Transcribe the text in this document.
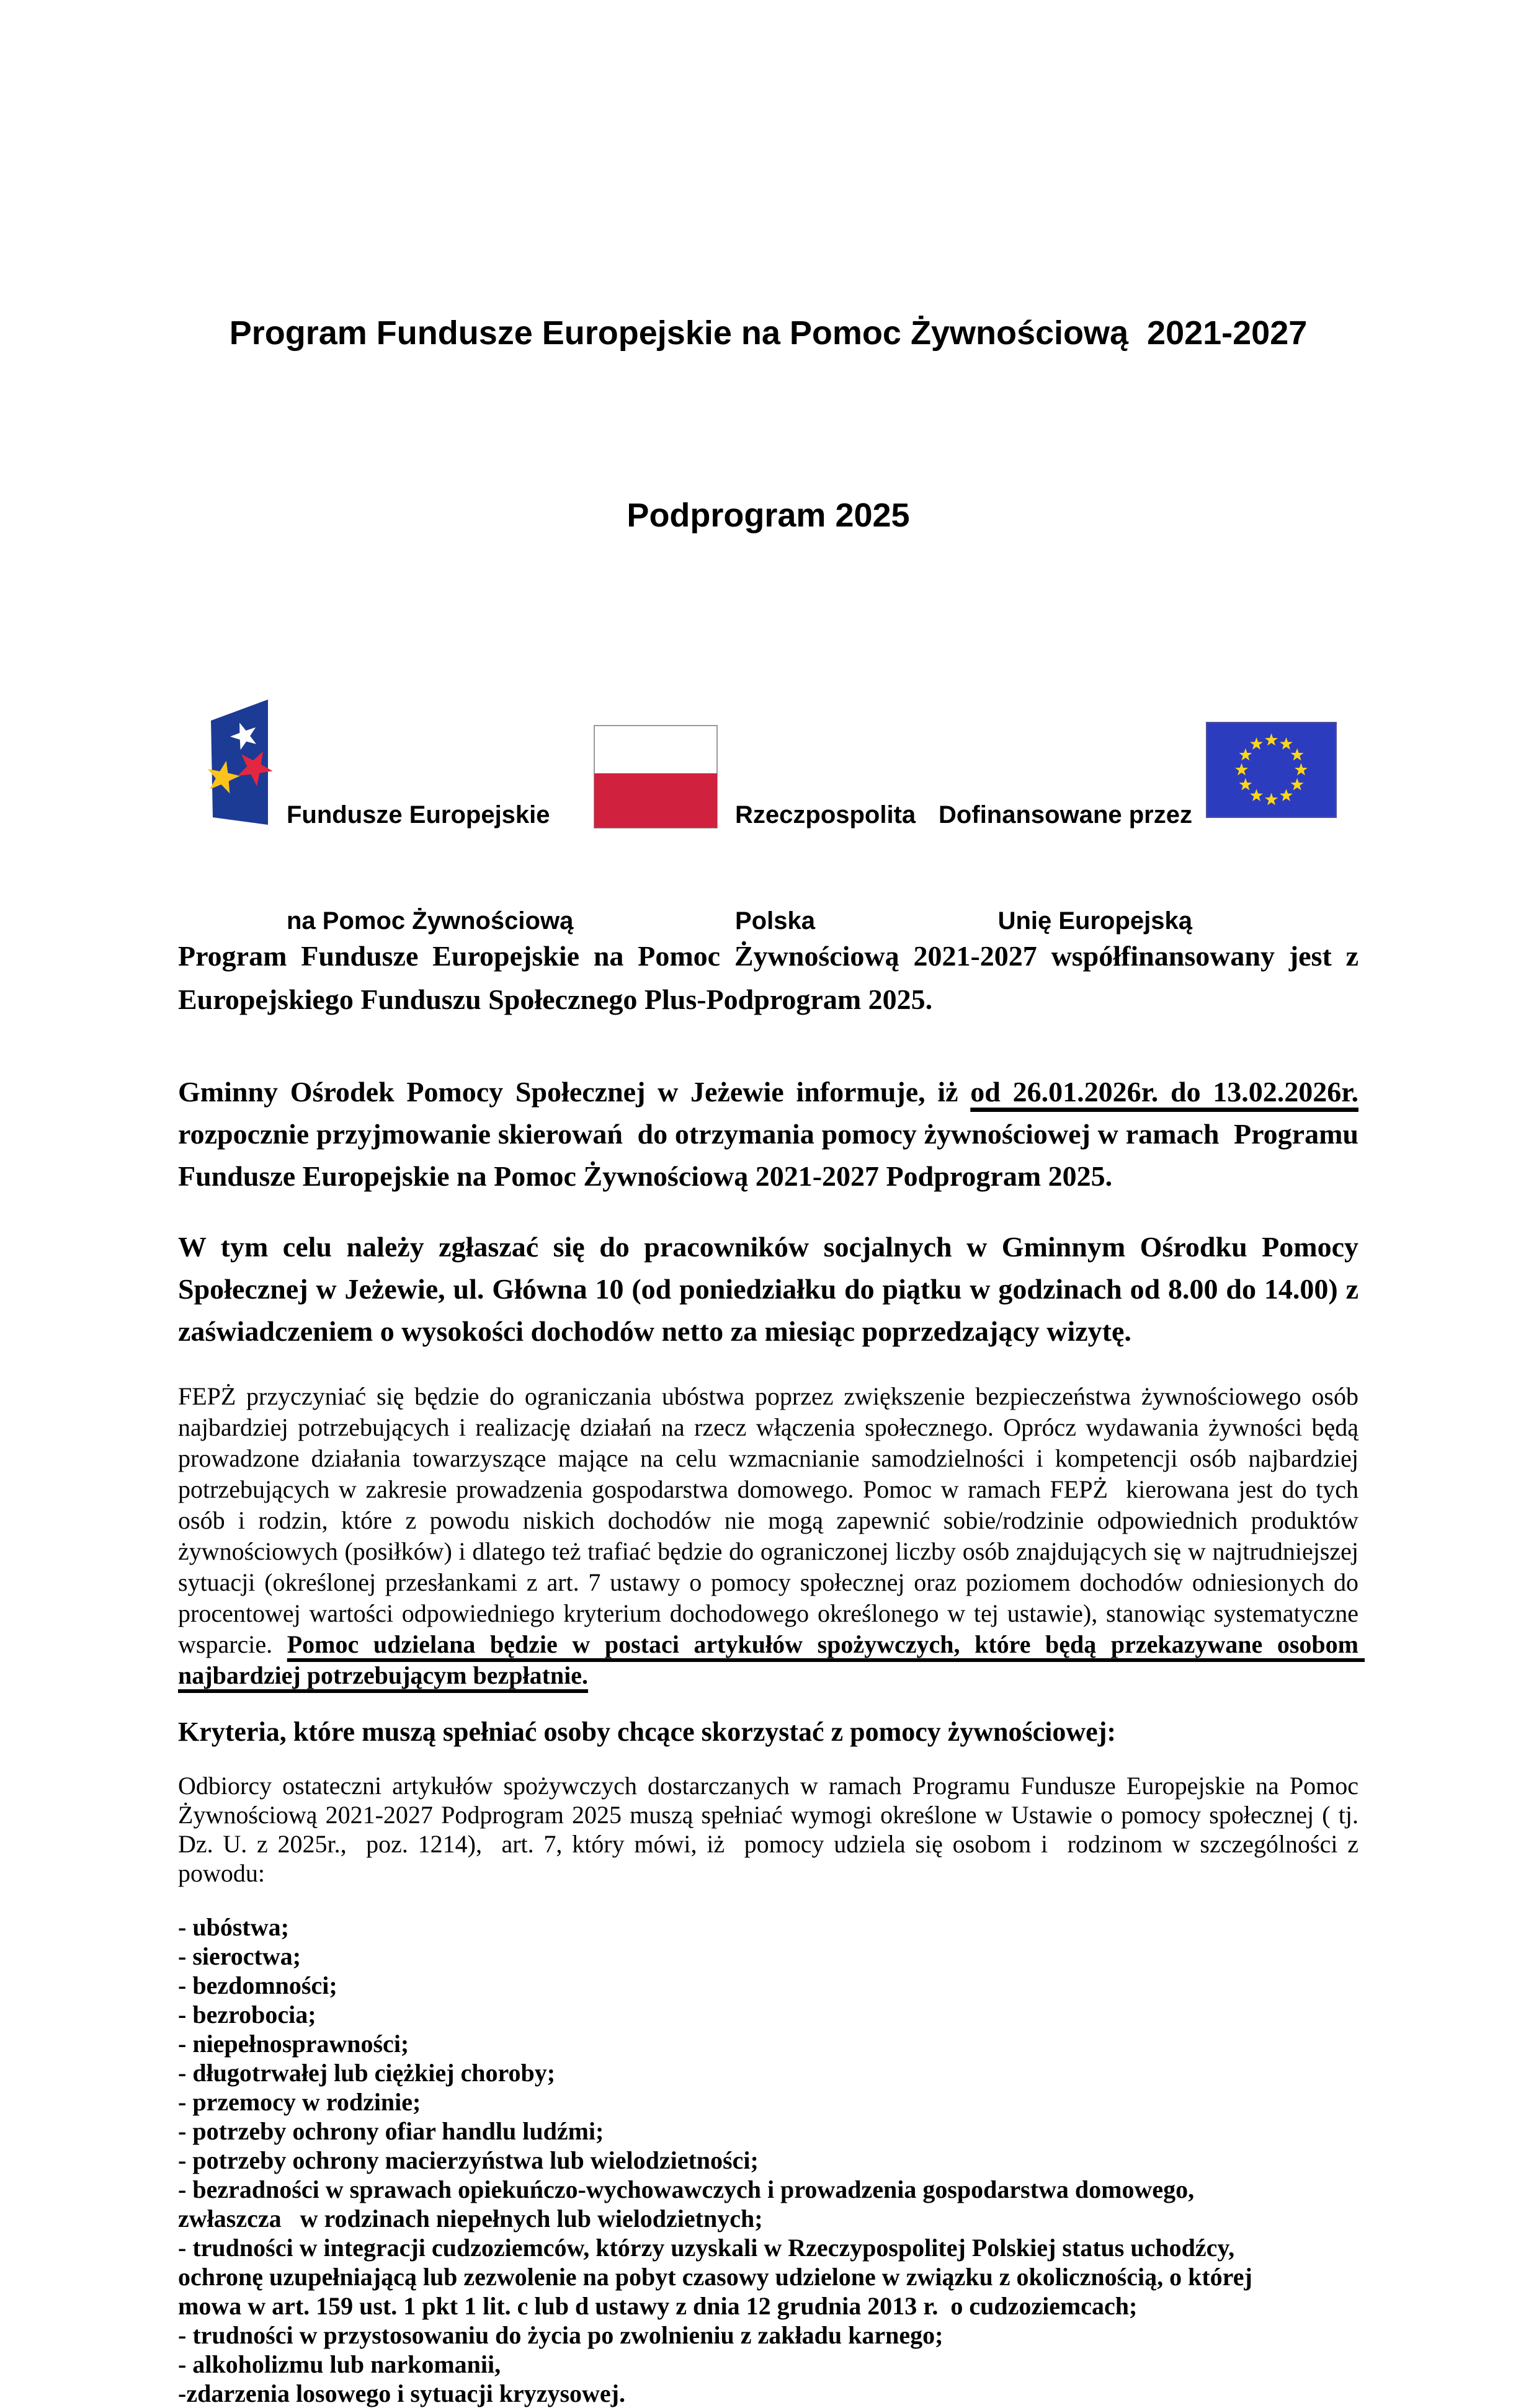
Program Fundusze Europejskie na Pomoc Żywnościową  2021-2027

Podprogram 2025

Fundusze Europejskie

na Pomoc Żywnościową

Rzeczpospolita

Polska

Dofinansowane przez

Unię Europejską

Program Fundusze Europejskie na Pomoc Żywnościową 2021-2027 współfinansowany jest z Europejskiego Funduszu Społecznego Plus-Podprogram 2025.

Gminny Ośrodek Pomocy Społecznej w Jeżewie informuje, iż od 26.01.2026r. do 13.02.2026r. rozpocznie przyjmowanie skierowań  do otrzymania pomocy żywnościowej w ramach  Programu Fundusze Europejskie na Pomoc Żywnościową 2021-2027 Podprogram 2025.

W tym celu należy zgłaszać się do pracowników socjalnych w Gminnym Ośrodku Pomocy Społecznej w Jeżewie, ul. Główna 10 (od poniedziałku do piątku w godzinach od 8.00 do 14.00) z zaświadczeniem o wysokości dochodów netto za miesiąc poprzedzający wizytę.

FEPŻ przyczyniać się będzie do ograniczania ubóstwa poprzez zwiększenie bezpieczeństwa żywnościowego osób najbardziej potrzebujących i realizację działań na rzecz włączenia społecznego. Oprócz wydawania żywności będą prowadzone działania towarzyszące mające na celu wzmacnianie samodzielności i kompetencji osób najbardziej potrzebujących w zakresie prowadzenia gospodarstwa domowego. Pomoc w ramach FEPŻ  kierowana jest do tych osób i rodzin, które z powodu niskich dochodów nie mogą zapewnić sobie/rodzinie odpowiednich produktów żywnościowych (posiłków) i dlatego też trafiać będzie do ograniczonej liczby osób znajdujących się w najtrudniejszej sytuacji (określonej przesłankami z art. 7 ustawy o pomocy społecznej oraz poziomem dochodów odniesionych do procentowej wartości odpowiedniego kryterium dochodowego określonego w tej ustawie), stanowiąc systematyczne wsparcie. Pomoc udzielana będzie w postaci artykułów spożywczych, które będą przekazywane osobom najbardziej potrzebującym bezpłatnie.

Kryteria, które muszą spełniać osoby chcące skorzystać z pomocy żywnościowej:

Odbiorcy ostateczni artykułów spożywczych dostarczanych w ramach Programu Fundusze Europejskie na Pomoc Żywnościową 2021-2027 Podprogram 2025 muszą spełniać wymogi określone w Ustawie o pomocy społecznej ( tj. Dz. U. z 2025r.,  poz. 1214),  art. 7, który mówi, iż  pomocy udziela się osobom i  rodzinom w szczególności z powodu:

- ubóstwa;
- sieroctwa;
- bezdomności;
- bezrobocia;
- niepełnosprawności;
- długotrwałej lub ciężkiej choroby;
- przemocy w rodzinie;
- potrzeby ochrony ofiar handlu ludźmi;
- potrzeby ochrony macierzyństwa lub wielodzietności;
- bezradności w sprawach opiekuńczo-wychowawczych i prowadzenia gospodarstwa domowego,
zwłaszcza   w rodzinach niepełnych lub wielodzietnych;
- trudności w integracji cudzoziemców, którzy uzyskali w Rzeczypospolitej Polskiej status uchodźcy,
ochronę uzupełniającą lub zezwolenie na pobyt czasowy udzielone w związku z okolicznością, o której
mowa w art. 159 ust. 1 pkt 1 lit. c lub d ustawy z dnia 12 grudnia 2013 r.  o cudzoziemcach;
- trudności w przystosowaniu do życia po zwolnieniu z zakładu karnego;
- alkoholizmu lub narkomanii,
-zdarzenia losowego i sytuacji kryzysowej.
